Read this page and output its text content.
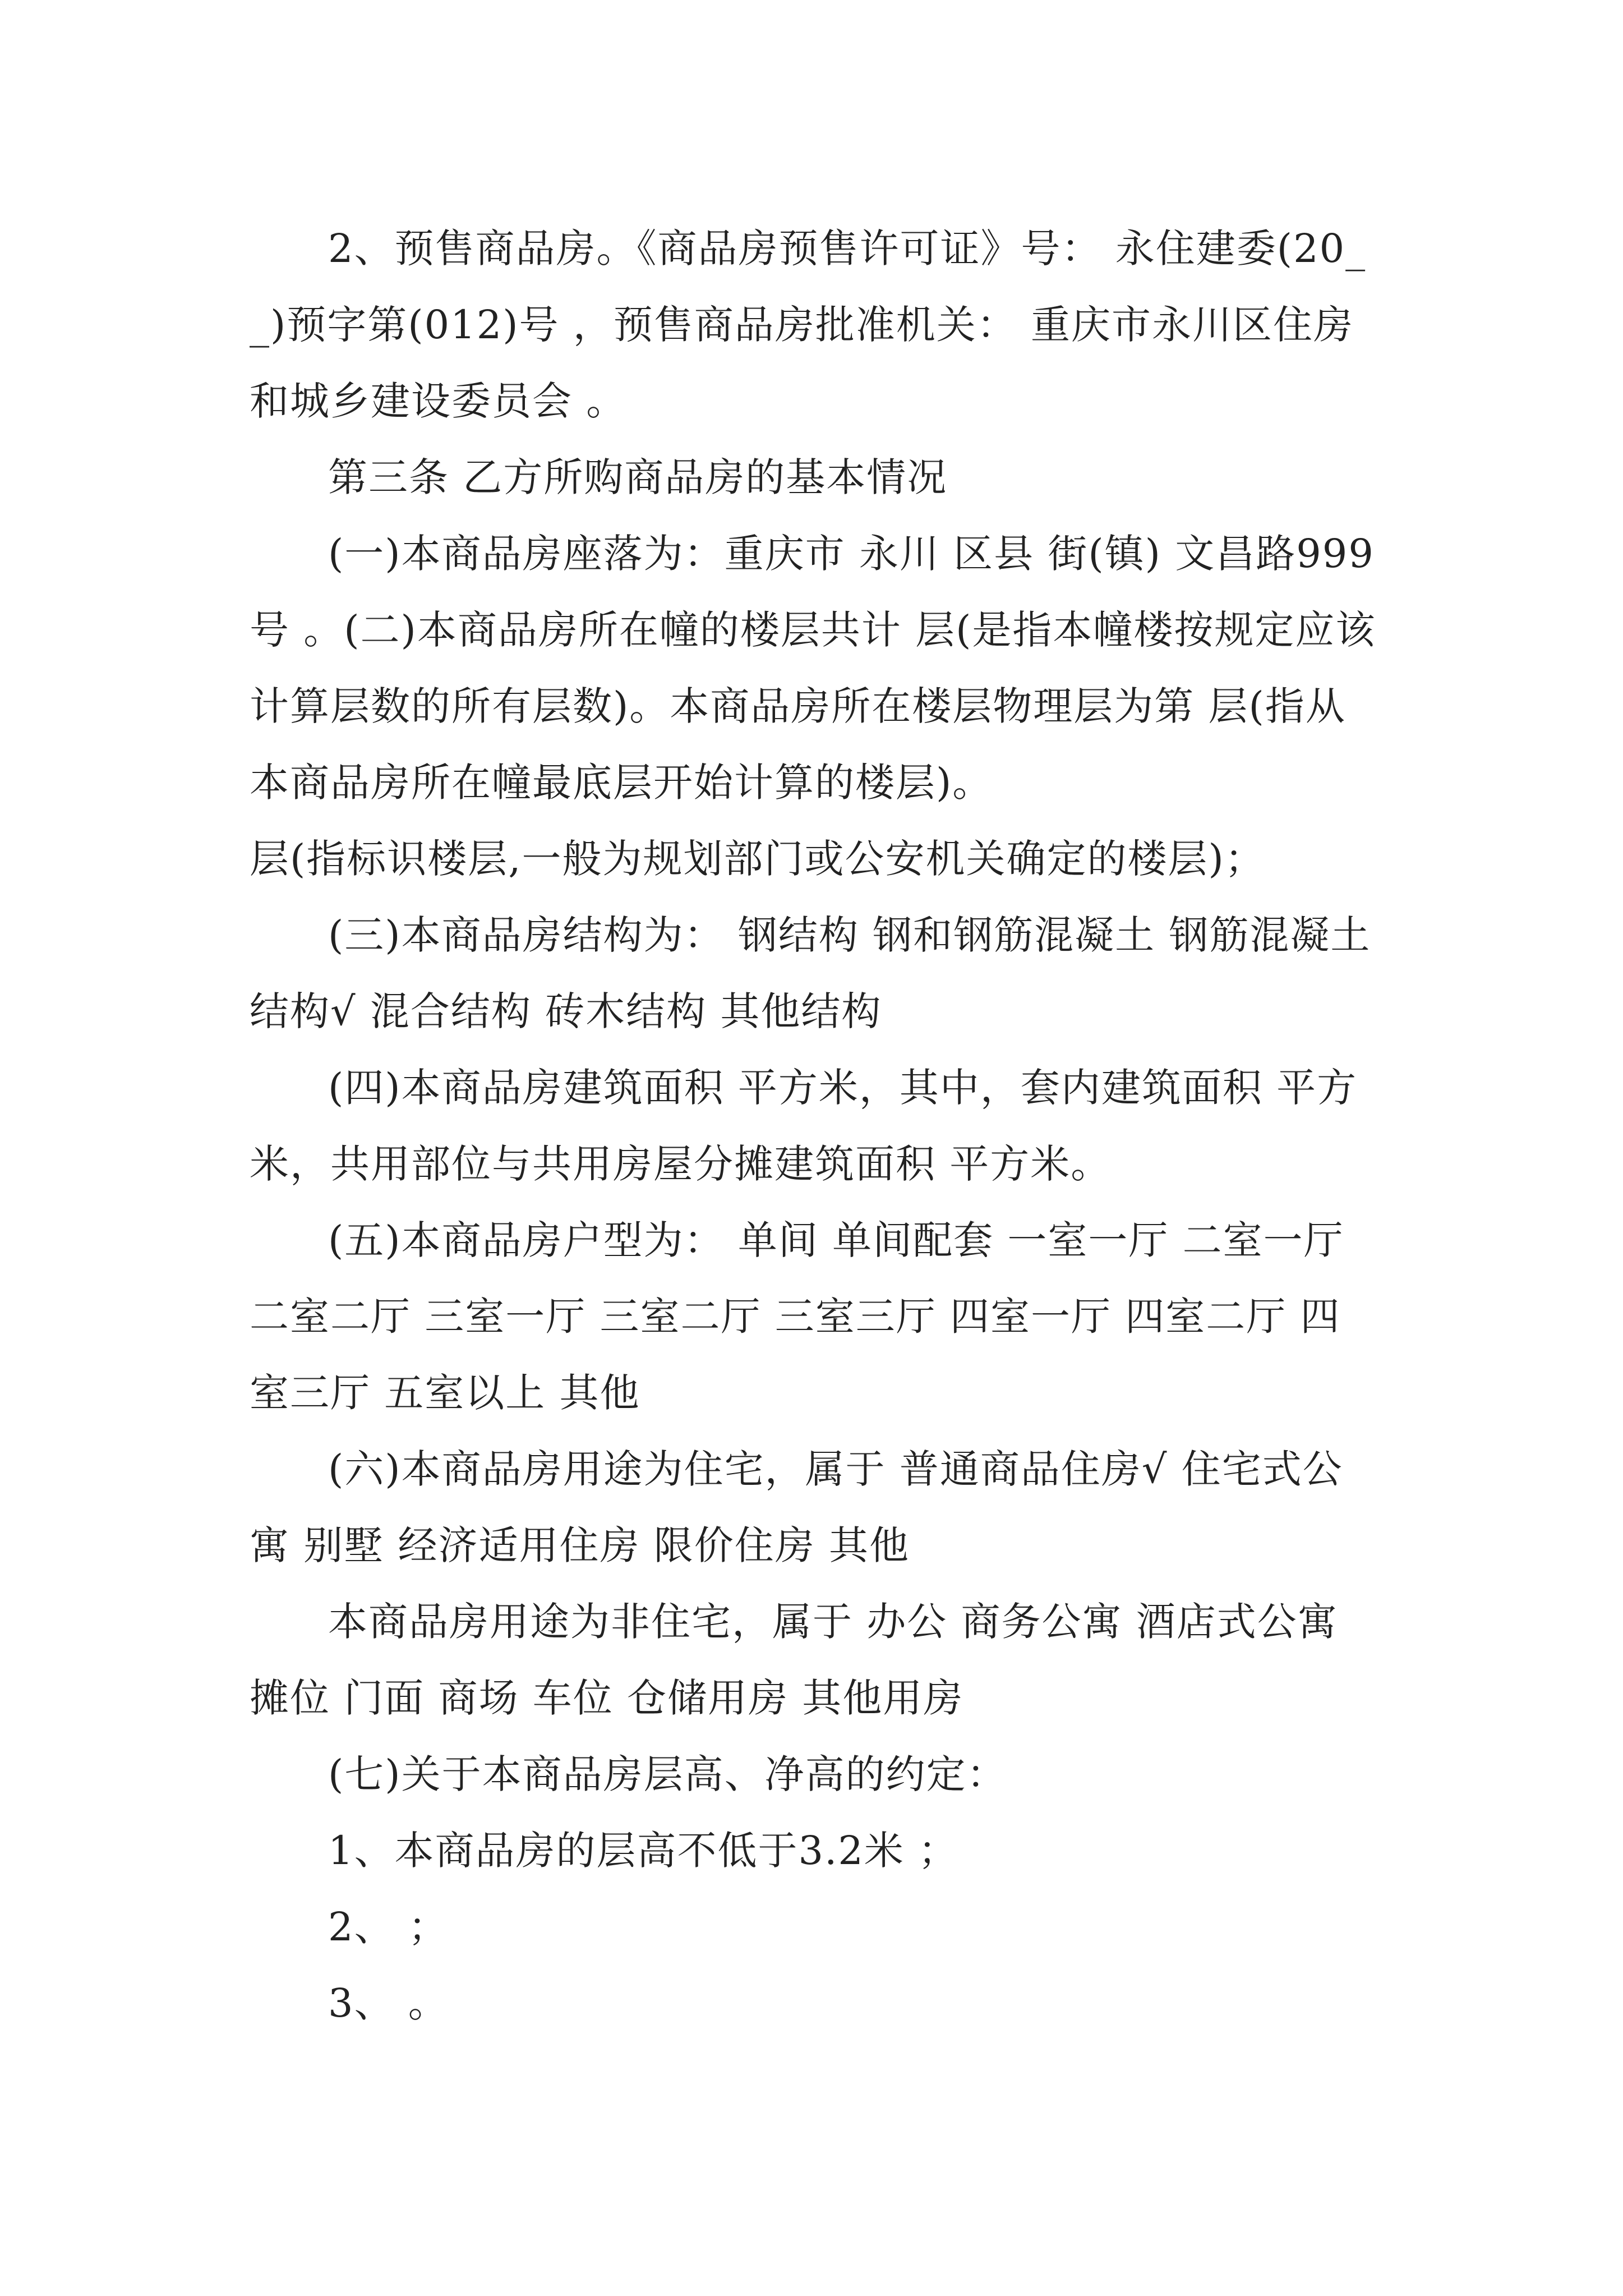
2、预售商品房。《商品房预售许可证》号： 永住建委(20__)预字第(012)号 ，预售商品房批准机关： 重庆市永川区住房和城乡建设委员会 。

第三条 乙方所购商品房的基本情况

(一)本商品房座落为：重庆市 永川 区县 街(镇) 文昌路999号 。(二)本商品房所在幢的楼层共计 层(是指本幢楼按规定应该计算层数的所有层数)。本商品房所在楼层物理层为第 层(指从本商品房所在幢最底层开始计算的楼层)。

层(指标识楼层,一般为规划部门或公安机关确定的楼层)；

(三)本商品房结构为： 钢结构 钢和钢筋混凝土 钢筋混凝土结构√ 混合结构 砖木结构 其他结构

(四)本商品房建筑面积 平方米，其中，套内建筑面积 平方米，共用部位与共用房屋分摊建筑面积 平方米。

(五)本商品房户型为： 单间 单间配套 一室一厅 二室一厅 二室二厅 三室一厅 三室二厅 三室三厅 四室一厅 四室二厅 四室三厅 五室以上 其他

(六)本商品房用途为住宅，属于 普通商品住房√ 住宅式公寓 别墅 经济适用住房 限价住房 其他

本商品房用途为非住宅，属于 办公 商务公寓 酒店式公寓 摊位 门面 商场 车位 仓储用房 其他用房

(七)关于本商品房层高、净高的约定：

1、本商品房的层高不低于3.2米 ；

2、 ；

3、 。
